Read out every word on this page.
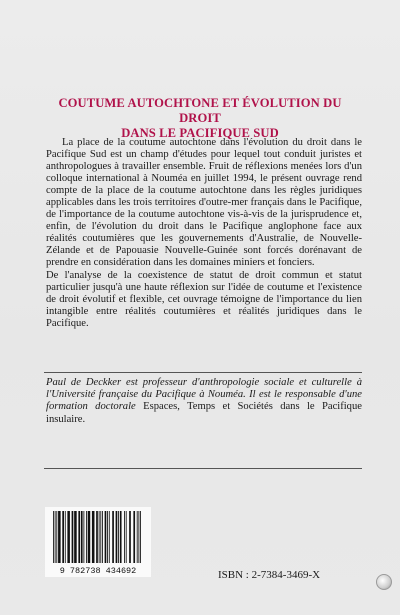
COUTUME AUTOCHTONE ET ÉVOLUTION DU DROIT
DANS LE PACIFIQUE SUD

La place de la coutume autochtone dans l'évolution du droit dans le Pacifique Sud est un champ d'études pour lequel tout conduit juristes et anthropologues à travailler ensemble. Fruit de réflexions menées lors d'un colloque international à Nouméa en juillet 1994, le présent ouvrage rend compte de la place de la coutume autochtone dans les règles juridiques applicables dans les trois territoires d'outre-mer français dans le Pacifique, de l'importance de la coutume autochtone vis-à-vis de la jurisprudence et, enfin, de l'évolution du droit dans le Pacifique anglophone face aux réalités coutumières que les gouvernements d'Australie, de Nouvelle-Zélande et de Papouasie Nouvelle-Guinée sont forcés dorénavant de prendre en considération dans les domaines miniers et fonciers.

De l'analyse de la coexistence de statut de droit commun et statut particulier jusqu'à une haute réflexion sur l'idée de coutume et l'existence de droit évolutif et flexible, cet ouvrage témoigne de l'importance du lien intangible entre réalités coutumières et réalités juridiques dans le Pacifique.

Paul de Deckker est professeur d'anthropologie sociale et culturelle à l'Université française du Pacifique à Nouméa. Il est le responsable d'une formation doctorale Espaces, Temps et Sociétés dans le Pacifique insulaire.

9 782738 434692	ISBN : 2-7384-3469-X
